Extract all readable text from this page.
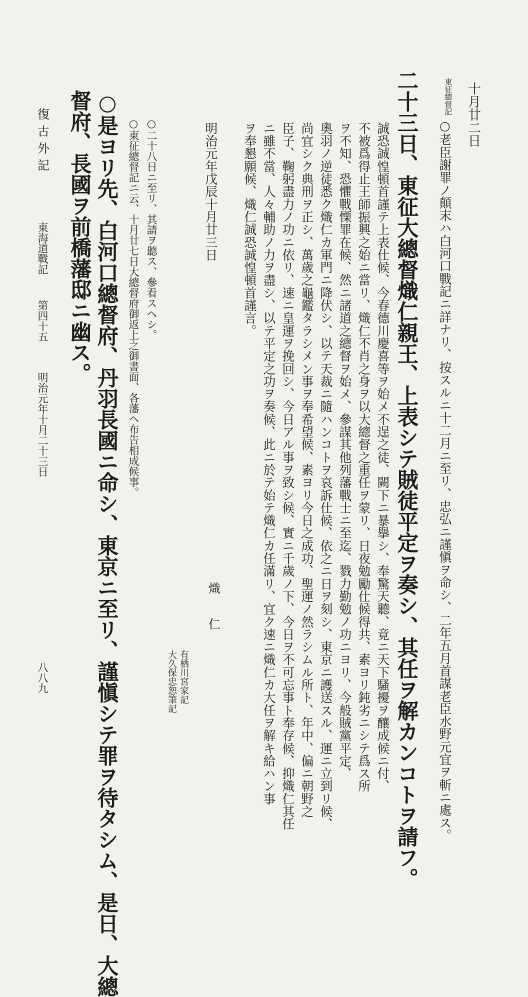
十月廿二日
東征總督記
○老臣謝罪ノ顛末ハ白河口戰記ニ詳ナリ、按スルニ十二月ニ至リ、忠弘ニ謹愼ヲ命シ、二年五月首謀老臣水野元宜ヲ斬ニ處ス。
二十三日、東征大總督熾仁親王、上表シテ賊徒平定ヲ奏シ、其任ヲ解カンコトヲ請フ。
誠恐誠惶頓首謹テ上表仕候、今春德川慶喜等ヲ始メ不逞之徒、闕下ニ暴擧シ、奉驚天聽、竟ニ天下騷擾ヲ釀成候ニ付、
不被爲得止王師振興之始ニ當リ、熾仁不肖之身ヲ以大總督之重任ヲ蒙リ、日夜勉勵仕候得共、素ヨリ鈍劣ニシテ爲ス所
ヲ不知、恐懼戰慄罪在候、然ニ諸道之總督ヲ始メ、參謀其他列藩戰士ニ至迄、戮力勤勉ノ功ニヨリ、今般賊黨平定、
奧羽ノ逆徒悉ク熾仁カ軍門ニ降伏シ、以テ天裁ニ隨ハンコトヲ哀訴仕候、依之ニ日ヲ刻シ、東京ニ護送スル、運ニ立到リ候、
尚宜シク典刑ヲ正シ、萬歲之龜鑑タラシメン事ヲ奉希望候、素ヨリ今日之成功、聖運ノ然ラシムル所ト、年中、偏ニ朝野之
臣子、鞠躬盡力ノ功ニ依リ、速ニ皇運ヲ挽回シ、今日アル事ヲ致シ候、實ニ千歲ノ下、今日ヲ不可忘事ト奉存候、抑熾仁其任
ニ雖不當、人々輔助ノ力ヲ盡シ、以テ平定之功ヲ奏候、此ニ於テ始テ熾仁カ任滿リ、宜ク速ニ熾仁カ大任ヲ解キ給ハン事
ヲ奉懇願候、熾仁誠恐誠惶頓首謹言。
明治元年戊辰十月廿三日
熾　　仁
有栖川宮家記
大久保忠恕筆記
○二十八日ニ至リ、其請ヲ聽ス、參看スヘシ。
○東征總督記ニ云、十月廿七日大總督府御返上之御書面、各藩ヘ布告相成候事。
○是ヨリ先、白河口總督府、丹羽長國ニ命シ、東京ニ至リ、謹愼シテ罪ヲ待タシム、是日、大總
督府、長國ヲ前橋藩邸ニ幽ス。
復古外記
東海道戰記
第四十五
明治元年十月二十三日
八八九
